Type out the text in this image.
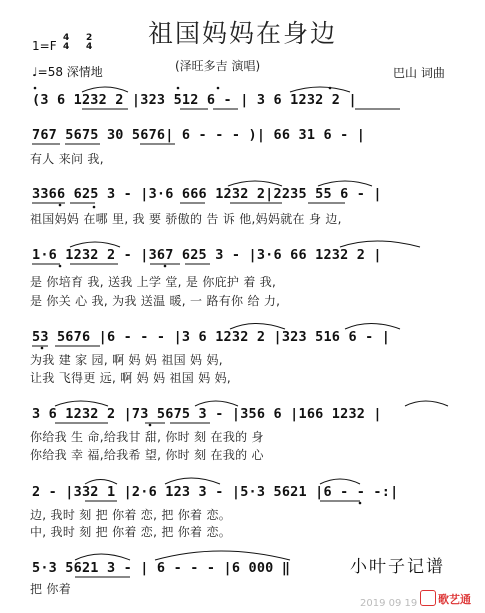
祖国妈妈在身边
(泽旺多吉 演唱)
1=F
4
4
2
4
♩=58 深情地	巴山 词曲
(3 6 1232 2 |323 512 6 - | 3 6 1232 2 |
767 5675 30 5676| 6 - - - )| 66 31 6 - |
有人 来问 我,
3366 625 3 - |3·6 666 1232 2|2235 55 6 - |
祖国妈妈 在哪 里, 我 要 骄傲的 告 诉 他,妈妈就在 身 边,
1·6 1232 2 - |367 625 3 - |3·6 66 1232 2 |
是 你培育 我, 送我 上学 堂, 是 你庇护 着 我,
是 你关 心 我, 为我 送温 暖, 一 路有你 给 力,
53 5676 |6 - - - |3 6 1232 2 |323 516 6 - |
为我 建 家 园, 啊 妈 妈 祖国 妈 妈,
让我 飞得更 远, 啊 妈 妈 祖国 妈 妈,
3 6 1232 2 |73 5675 3 - |356 6 |166 1232 |
你给我 生 命,给我甘 甜, 你时 刻 在我的 身
你给我 幸 福,给我希 望, 你时 刻 在我的 心
2 - |332 1 |2·6 123 3 - |5·3 5621 |6 - - -:|
边, 我时 刻 把 你着 恋, 把 你着 恋。
中, 我时 刻 把 你着 恋, 把 你着 恋。
5·3 5621 3 - | 6 - - - |6 000 ‖
把 你着
小叶子记谱
2019 09 19 歌艺通
